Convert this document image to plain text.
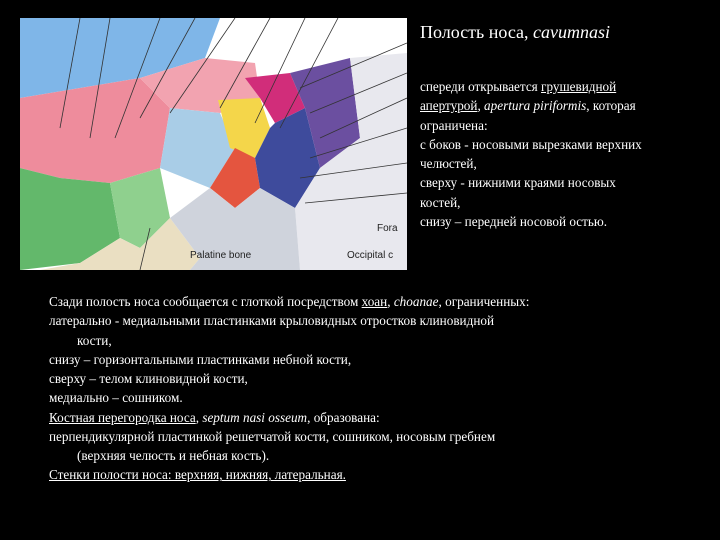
Palatine bone	Occipital c
Fora
Полость носа, cavumnasi
спереди открывается грушевидной
апертурой, apertura piriformis, которая
ограничена:
с боков - носовыми вырезками верхних
челюстей,
сверху - нижними краями носовых
костей,
снизу – передней носовой остью.
Сзади полость носа сообщается с глоткой посредством хоан, choanae, ограниченных:
латерально - медиальными пластинками крыловидных отростков клиновидной
кости,
снизу – горизонтальными пластинками небной кости,
сверху – телом клиновидной кости,
медиально – сошником.
Костная перегородка носа, septum nasi osseum, образована:
перпендикулярной пластинкой решетчатой кости, сошником, носовым гребнем
(верхняя челюсть и небная кость).
Стенки полости носа: верхняя, нижняя, латеральная.
